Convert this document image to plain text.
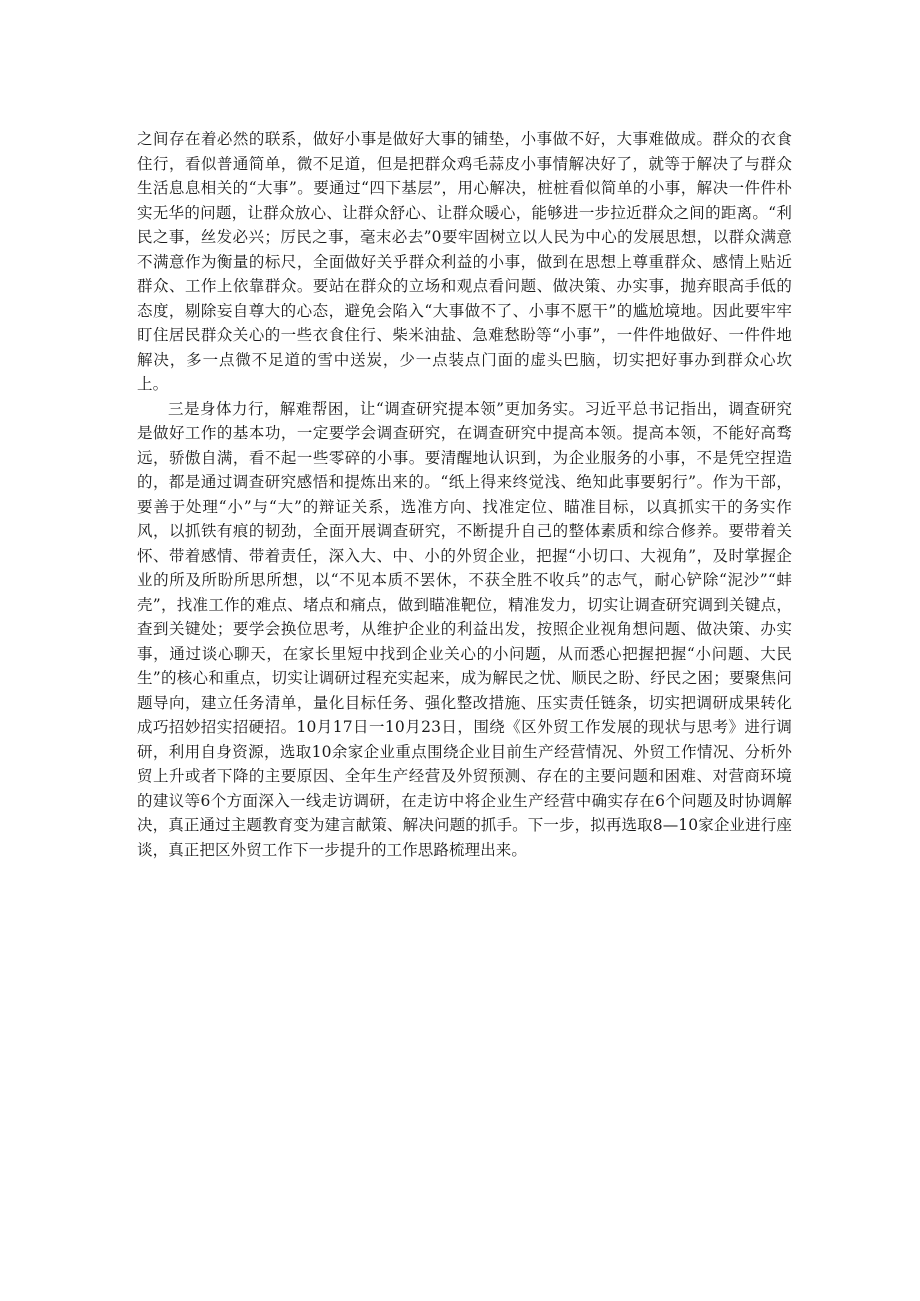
之间存在着必然的联系，做好小事是做好大事的铺垫，小事做不好，大事难做成。群众的衣食住行，看似普通简单，微不足道，但是把群众鸡毛蒜皮小事情解决好了，就等于解决了与群众生活息息相关的“大事”。要通过“四下基层”，用心解决，桩桩看似简单的小事，解决一件件朴实无华的问题，让群众放心、让群众舒心、让群众暖心，能够进一步拉近群众之间的距离。“利民之事，丝发必兴；厉民之事，毫末必去”0要牢固树立以人民为中心的发展思想，以群众满意不满意作为衡量的标尺，全面做好关乎群众利益的小事，做到在思想上尊重群众、感情上贴近群众、工作上依靠群众。要站在群众的立场和观点看问题、做决策、办实事，抛弃眼高手低的态度，剔除妄自尊大的心态，避免会陷入“大事做不了、小事不愿干”的尴尬境地。因此要牢牢盯住居民群众关心的一些衣食住行、柴米油盐、急难愁盼等“小事”，一件件地做好、一件件地解决，多一点微不足道的雪中送炭，少一点装点门面的虚头巴脑，切实把好事办到群众心坎上。

三是身体力行，解难帮困，让“调查研究提本领”更加务实。习近平总书记指出，调查研究是做好工作的基本功，一定要学会调查研究，在调查研究中提高本领。提高本领，不能好高骛远，骄傲自满，看不起一些零碎的小事。要清醒地认识到，为企业服务的小事，不是凭空捏造的，都是通过调查研究感悟和提炼出来的。“纸上得来终觉浅、绝知此事要躬行”。作为干部，要善于处理“小”与“大”的辩证关系，选准方向、找准定位、瞄准目标，以真抓实干的务实作风，以抓铁有痕的韧劲，全面开展调查研究，不断提升自己的整体素质和综合修养。要带着关怀、带着感情、带着责任，深入大、中、小的外贸企业，把握“小切口、大视角”，及时掌握企业的所及所盼所思所想，以“不见本质不罢休，不获全胜不收兵”的志气，耐心铲除“泥沙”“蚌壳”，找准工作的难点、堵点和痛点，做到瞄准靶位，精准发力，切实让调查研究调到关键点，查到关键处；要学会换位思考，从维护企业的利益出发，按照企业视角想问题、做决策、办实事，通过谈心聊天，在家长里短中找到企业关心的小问题，从而悉心把握把握“小问题、大民生”的核心和重点，切实让调研过程充实起来，成为解民之忧、顺民之盼、纾民之困；要聚焦问题导向，建立任务清单，量化目标任务、强化整改措施、压实责任链条，切实把调研成果转化成巧招妙招实招硬招。10月17日一10月23日，围绕《区外贸工作发展的现状与思考》进行调研，利用自身资源，选取10余家企业重点围绕企业目前生产经营情况、外贸工作情况、分析外贸上升或者下降的主要原因、全年生产经营及外贸预测、存在的主要问题和困难、对营商环境的建议等6个方面深入一线走访调研，在走访中将企业生产经营中确实存在6个问题及时协调解决，真正通过主题教育变为建言献策、解决问题的抓手。下一步，拟再选取8—10家企业进行座谈，真正把区外贸工作下一步提升的工作思路梳理出来。
